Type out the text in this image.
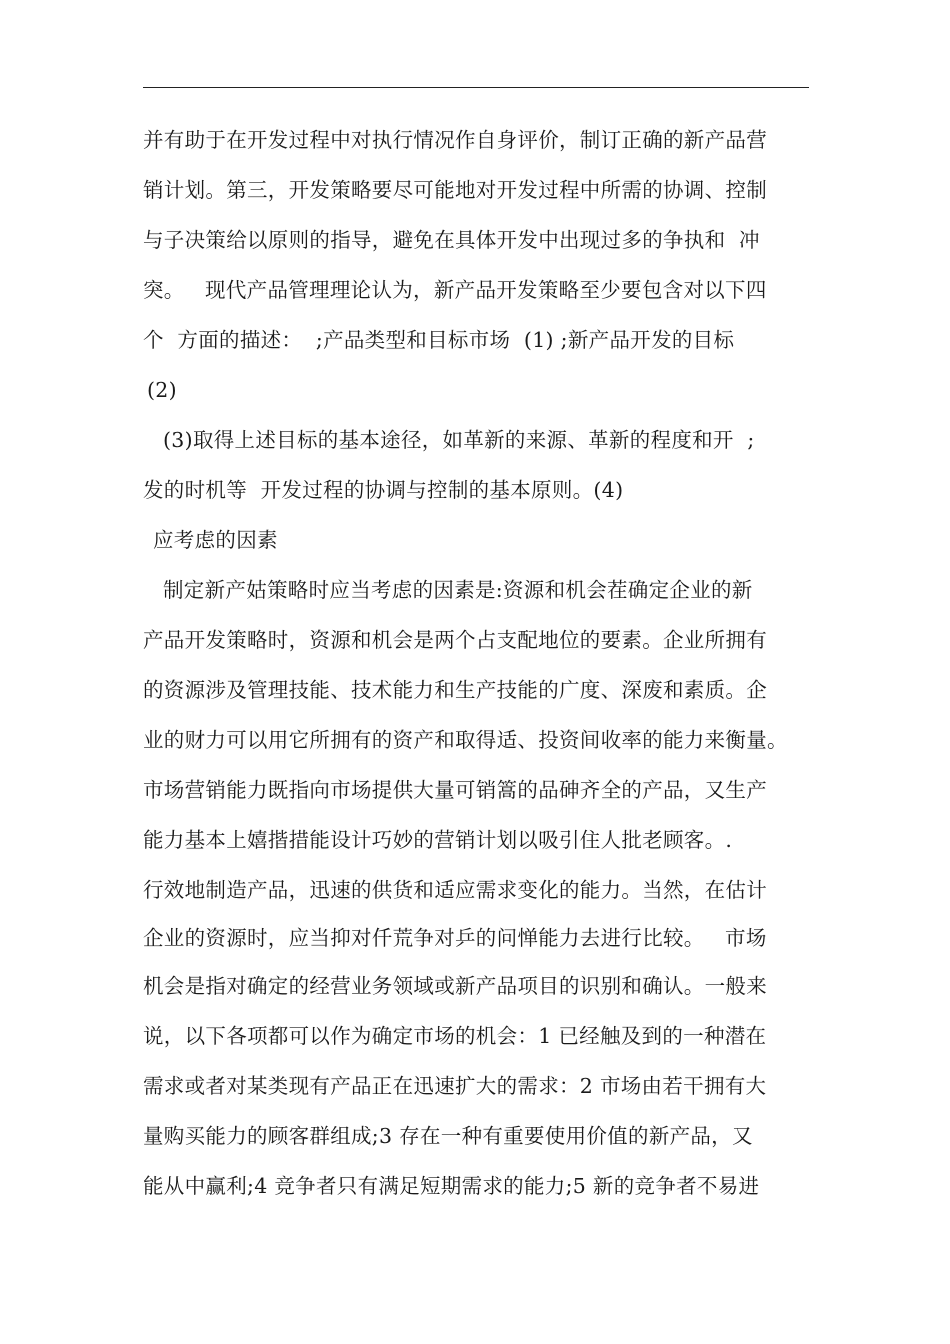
并有助于在开发过程中对执行情况作自身评价，制订正确的新产品营
销计划。第三，开发策略要尽可能地对开发过程中所需的协调、控制
与子决策给以原则的指导，避免在具体开发中出现过多的争执和  冲
突。   现代产品管理理论认为，新产品开发策略至少要包含对以下四
个  方面的描述：  ;产品类型和目标市场  (1) ;新产品开发的目标
(2)
(3)取得上述目标的基本途径，如革新的来源、革新的程度和开  ;
发的时机等  开发过程的协调与控制的基本原则。(4)
应考虑的因素
制定新产姑策略时应当考虑的因素是:资源和机会茬确定企业的新
产品开发策略时，资源和机会是两个占支配地位的要素。企业所拥有
的资源涉及管理技能、技术能力和生产技能的广度、深废和素质。企
业的财力可以用它所拥有的资产和取得适、投资间收率的能力来衡量。
市场营销能力既指向市场提供大量可销篙的品砷齐全的产品，又生产
能力基本上嬉揩措能设计巧妙的营销计划以吸引住人批老顾客。.
行效地制造产品，迅速的供货和适应需求变化的能力。当然，在估计
企业的资源时，应当抑对仟荒争对乒的问惮能力去进行比较。   市场
机会是指对确定的经营业务领域或新产品项目的识别和确认。一般来
说，以下各项都可以作为确定市场的机会：1 已经触及到的一种潜在
需求或者对某类现有产品正在迅速扩大的需求：2 市场由若干拥有大
量购买能力的顾客群组成;3 存在一种有重要使用价值的新产品，又
能从中赢利;4 竞争者只有满足短期需求的能力;5 新的竞争者不易进
